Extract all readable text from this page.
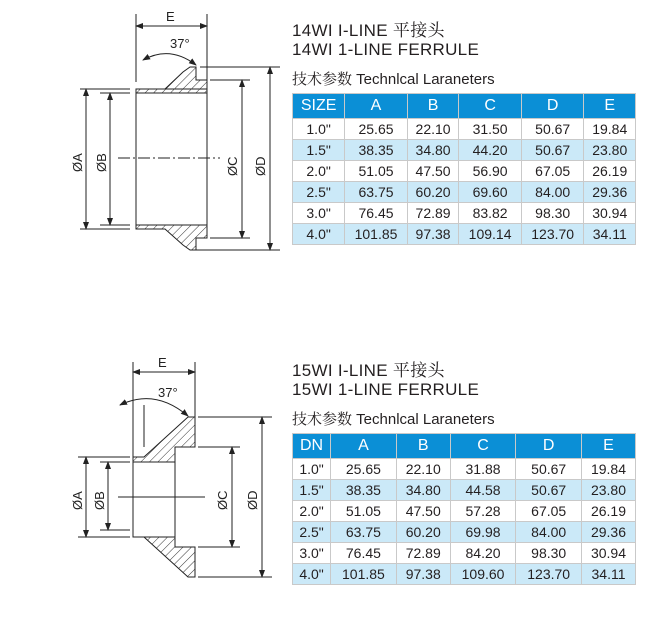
E
37°
ØA ØB	ØC ØD
E
37°
ØA ØB	ØC ØD
14WI I-LINE 平接头
14WI 1-LINE FERRULE
技术参数 Technlcal Laraneters
SIZE	A	B	C	D	E
1.0"	25.65	22.10	31.50	50.67	19.84
1.5"	38.35	34.80	44.20	50.67	23.80
2.0"	51.05	47.50	56.90	67.05	26.19
2.5"	63.75	60.20	69.60	84.00	29.36
3.0"	76.45	72.89	83.82	98.30	30.94
4.0"	101.85	97.38	109.14	123.70	34.11
15WI I-LINE 平接头
15WI 1-LINE FERRULE
技术参数 Technlcal Laraneters
DN	A	B	C	D	E
1.0"	25.65	22.10	31.88	50.67	19.84
1.5"	38.35	34.80	44.58	50.67	23.80
2.0"	51.05	47.50	57.28	67.05	26.19
2.5"	63.75	60.20	69.98	84.00	29.36
3.0"	76.45	72.89	84.20	98.30	30.94
4.0"	101.85	97.38	109.60	123.70	34.11
